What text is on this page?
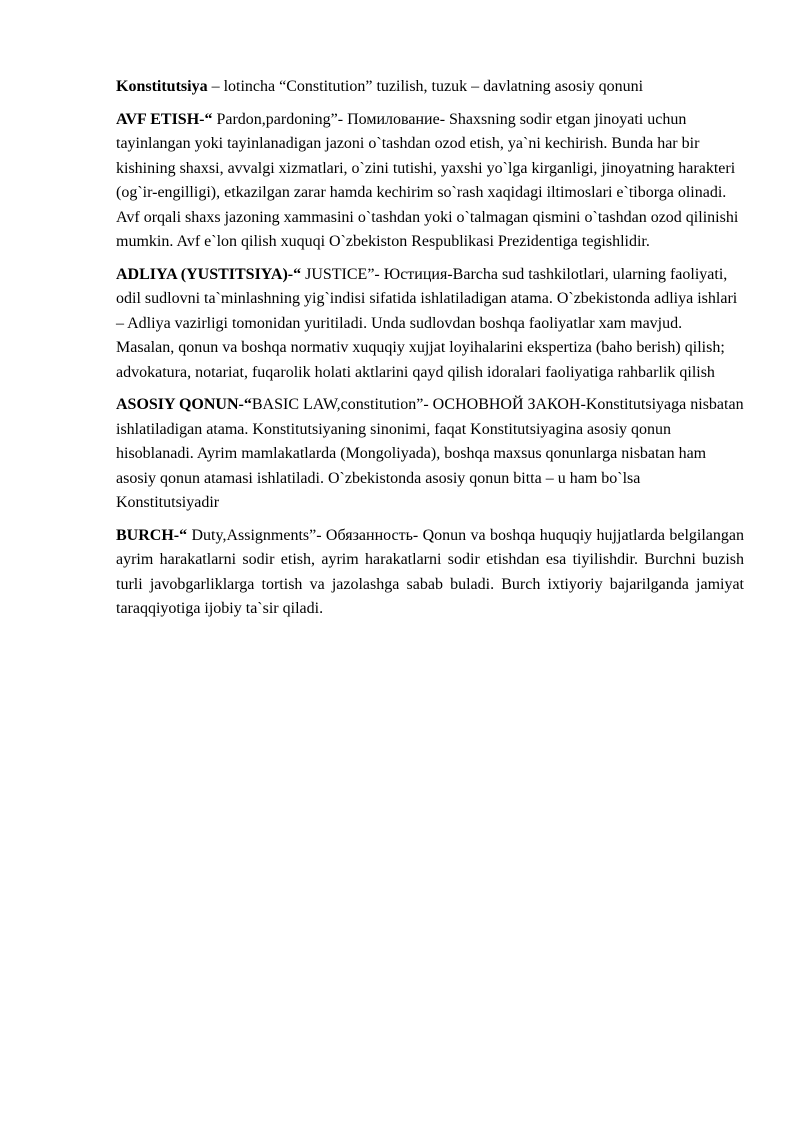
Konstitutsiya – lotincha “Constitution” tuzilish, tuzuk – davlatning asosiy qonuni

AVF ETISH-“ Pardon,pardoning”- Помилование- Shaxsning sodir etgan jinoyati uchun tayinlangan yoki tayinlanadigan jazoni o`tashdan ozod etish, ya`ni kechirish. Bunda har bir kishining shaxsi, avvalgi xizmatlari, o`zini tutishi, yaxshi yo`lga kirganligi, jinoyatning harakteri (og`ir-engilligi), etkazilgan zarar hamda kechirim so`rash xaqidagi iltimoslari e`tiborga olinadi. Avf orqali shaxs jazoning xammasini o`tashdan yoki o`talmagan qismini o`tashdan ozod qilinishi mumkin. Avf e`lon qilish xuquqi O`zbekiston Respublikasi Prezidentiga tegishlidir.

ADLIYA (YUSTITSIYA)-“ JUSTICE”- Юстиция-Barcha sud tashkilotlari, ularning faoliyati, odil sudlovni ta`minlashning yig`indisi sifatida ishlatiladigan atama. O`zbekistonda adliya ishlari – Adliya vazirligi tomonidan yuritiladi. Unda sudlovdan boshqa faoliyatlar xam mavjud. Masalan, qonun va boshqa normativ xuquqiy xujjat loyihalarini ekspertiza (baho berish) qilish; advokatura, notariat, fuqarolik holati aktlarini qayd qilish idoralari faoliyatiga rahbarlik qilish

ASOSIY QONUN-“BASIC LAW,constitution”- ОСНОВНОЙ ЗАКОН-Konstitutsiyaga nisbatan ishlatiladigan atama. Konstitutsiyaning sinonimi, faqat Konstitutsiyagina asosiy qonun hisoblanadi. Ayrim mamlakatlarda (Mongoliyada), boshqa maxsus qonunlarga nisbatan ham asosiy qonun atamasi ishlatiladi. O`zbekistonda asosiy qonun bitta – u ham bo`lsa Konstitutsiyadir

BURCH-“ Duty,Assignments”- Обязанность- Qonun va boshqa huquqiy hujjatlarda belgilangan ayrim harakatlarni sodir etish, ayrim harakatlarni sodir etishdan esa tiyilishdir. Burchni buzish turli javobgarliklarga tortish va jazolashga sabab buladi. Burch ixtiyoriy bajarilganda jamiyat taraqqiyotiga ijobiy ta`sir qiladi.
